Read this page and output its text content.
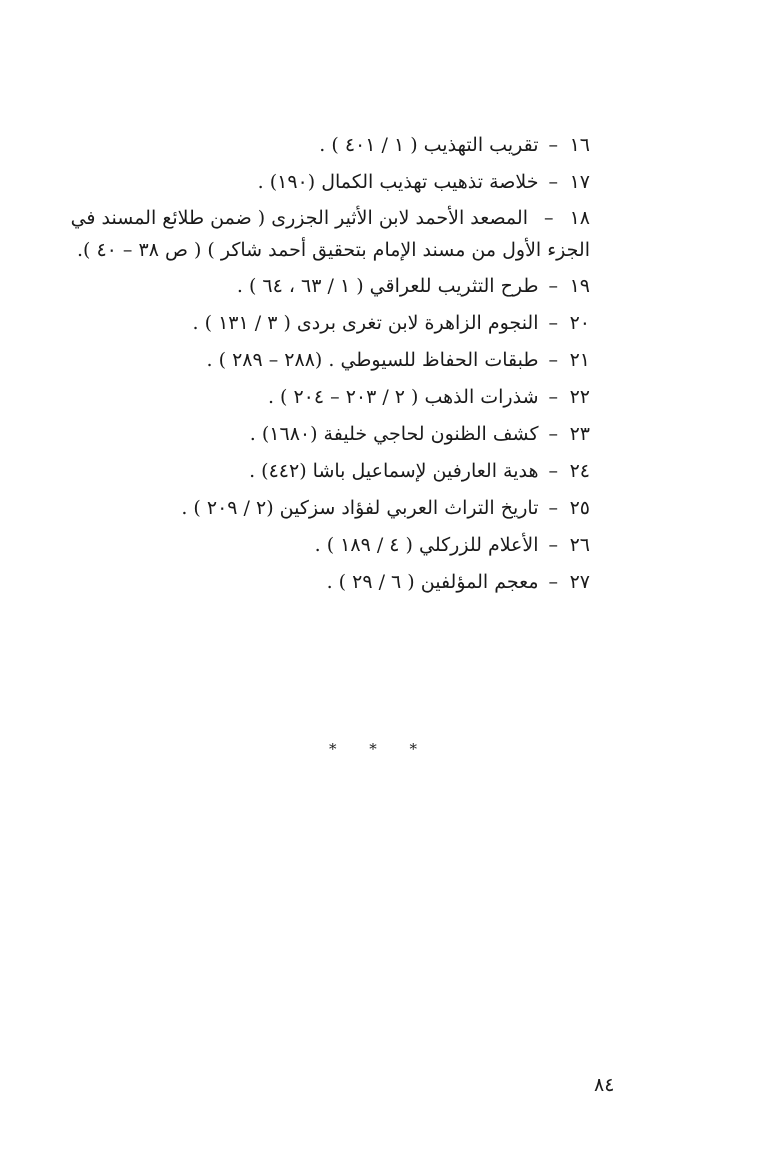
١٦
–
تقريب التهذيب ( ١ / ٤٠١ ) .
١٧
–
خلاصة تذهيب تهذيب الكمال (١٩٠) .
١٨ – المصعد الأحمد لابن الأثير الجزرى ( ضمن طلائع المسند في الجزء الأول من مسند الإمام بتحقيق أحمد شاكر ) ( ص ٣٨ – ٤٠ ).
١٩
–
طرح التثريب للعراقي ( ١ / ٦٣ ، ٦٤ ) .
٢٠
–
النجوم الزاهرة لابن تغرى بردى ( ٣ / ١٣١ ) .
٢١
–
طبقات الحفاظ للسيوطي . (٢٨٨ – ٢٨٩ ) .
٢٢
–
شذرات الذهب ( ٢ / ٢٠٣ – ٢٠٤ ) .
٢٣
–
كشف الظنون لحاجي خليفة (١٦٨٠) .
٢٤
–
هدية العارفين لإسماعيل باشا (٤٤٢) .
٢٥
–
تاريخ التراث العربي لفؤاد سزكين (٢ / ٢٠٩ ) .
٢٦
–
الأعلام للزركلي ( ٤ / ١٨٩ ) .
٢٧
–
معجم المؤلفين ( ٦ / ٢٩ ) .
* * *
٨٤
